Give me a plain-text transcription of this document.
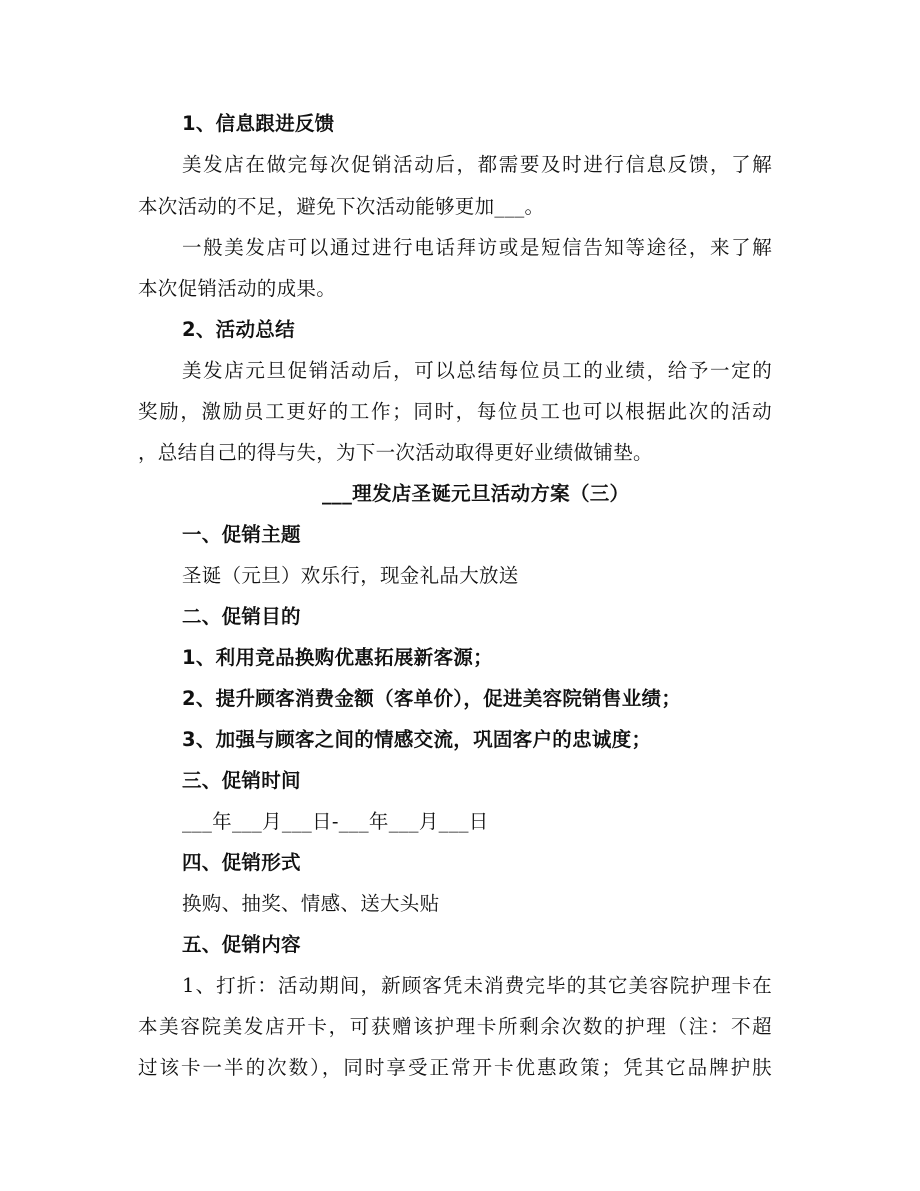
1、信息跟进反馈
美发店在做完每次促销活动后，都需要及时进行信息反馈，了解
本次活动的不足，避免下次活动能够更加___。
一般美发店可以通过进行电话拜访或是短信告知等途径，来了解
本次促销活动的成果。
2、活动总结
美发店元旦促销活动后，可以总结每位员工的业绩，给予一定的
奖励，激励员工更好的工作；同时，每位员工也可以根据此次的活动
，总结自己的得与失，为下一次活动取得更好业绩做铺垫。
___理发店圣诞元旦活动方案（三）
一、促销主题
圣诞（元旦）欢乐行，现金礼品大放送
二、促销目的
1、利用竞品换购优惠拓展新客源；
2、提升顾客消费金额（客单价），促进美容院销售业绩；
3、加强与顾客之间的情感交流，巩固客户的忠诚度；
三、促销时间
___年___月___日-___年___月___日
四、促销形式
换购、抽奖、情感、送大头贴
五、促销内容
1、打折：活动期间，新顾客凭未消费完毕的其它美容院护理卡在
本美容院美发店开卡，可获赠该护理卡所剩余次数的护理（注：不超
过该卡一半的次数），同时享受正常开卡优惠政策；凭其它品牌护肤
